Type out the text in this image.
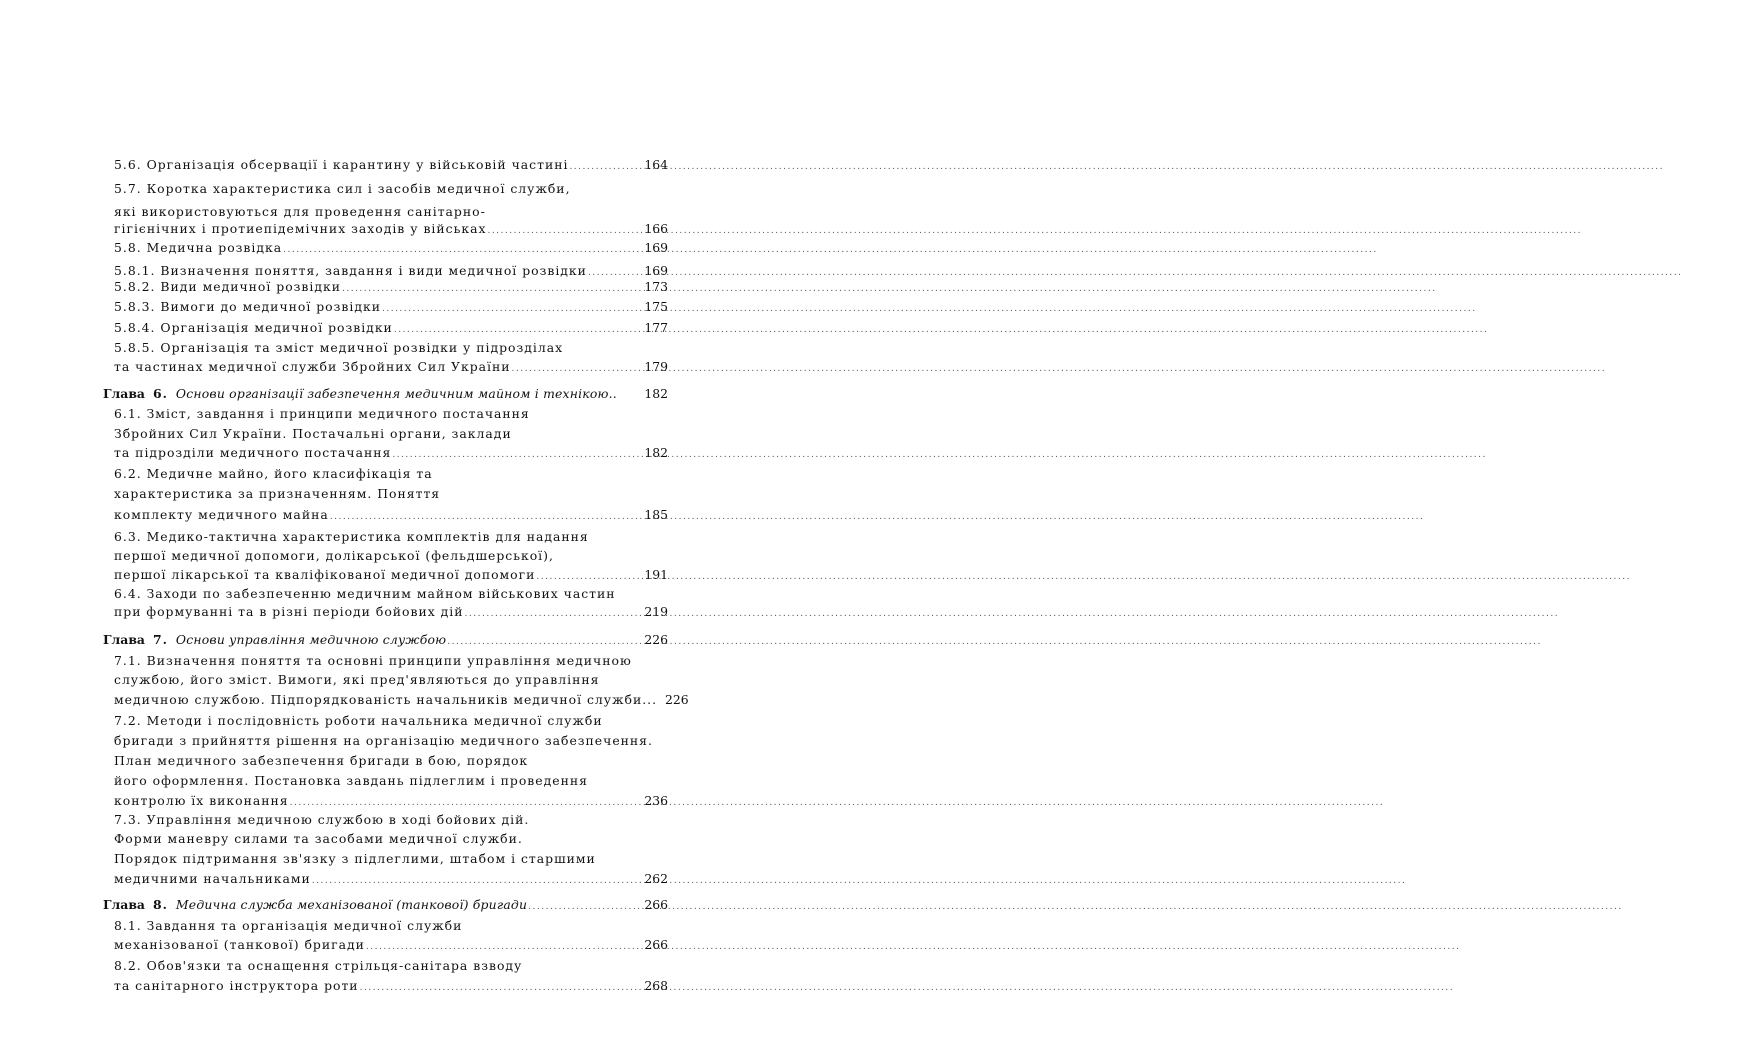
5.6. Організація обсервації і карантину у військовій частині .....	164
5.7. Коротка характеристика сил і засобів медичної служби,
які використовуються для проведення санітарно-
гігієнічних і протиепідемічних заходів у військах .....	166
5.8. Медична розвідка .....	169
5.8.1. Визначення поняття, завдання і види медичної розвідки .....	169
5.8.2. Види медичної розвідки .....	173
5.8.3. Вимоги до медичної розвідки .....	175
5.8.4. Організація медичної розвідки .....	177
5.8.5. Організація та зміст медичної розвідки у підрозділах
та частинах медичної служби Збройних Сил України .....	179
Глава 6. Основи організації забезпечення медичним майном і технікою.. 182
6.1. Зміст, завдання і принципи медичного постачання
Збройних Сил України. Постачальні органи, заклади
та підрозділи медичного постачання .....	182
6.2. Медичне майно, його класифікація та
характеристика за призначенням. Поняття
комплекту медичного майна .....	185
6.3. Медико-тактична характеристика комплектів для надання
першої медичної допомоги, долікарської (фельдшерської),
першої лікарської та кваліфікованої медичної допомоги .....	191
6.4. Заходи по забезпеченню медичним майном військових частин
при формуванні та в різні періоди бойових дій .....	219
Глава 7. Основи управління медичною службою .....	226
7.1. Визначення поняття та основні принципи управління медичною
службою, його зміст. Вимоги, які пред'являються до управління
медичною службою. Підпорядкованість начальників медичної служби... 226
7.2. Методи і послідовність роботи начальника медичної служби
бригади з прийняття рішення на організацію медичного забезпечення.
План медичного забезпечення бригади в бою, порядок
його оформлення. Постановка завдань підлеглим і проведення
контролю їх виконання .....	236
7.3. Управління медичною службою в ході бойових дій.
Форми маневру силами та засобами медичної служби.
Порядок підтримання зв'язку з підлеглими, штабом і старшими
медичними начальниками .....	262
Глава 8. Медична служба механізованої (танкової) бригади .....	266
8.1. Завдання та організація медичної служби
механізованої (танкової) бригади .....	266
8.2. Обов'язки та оснащення стрільця-санітара взводу
та санітарного інструктора роти .....	268
